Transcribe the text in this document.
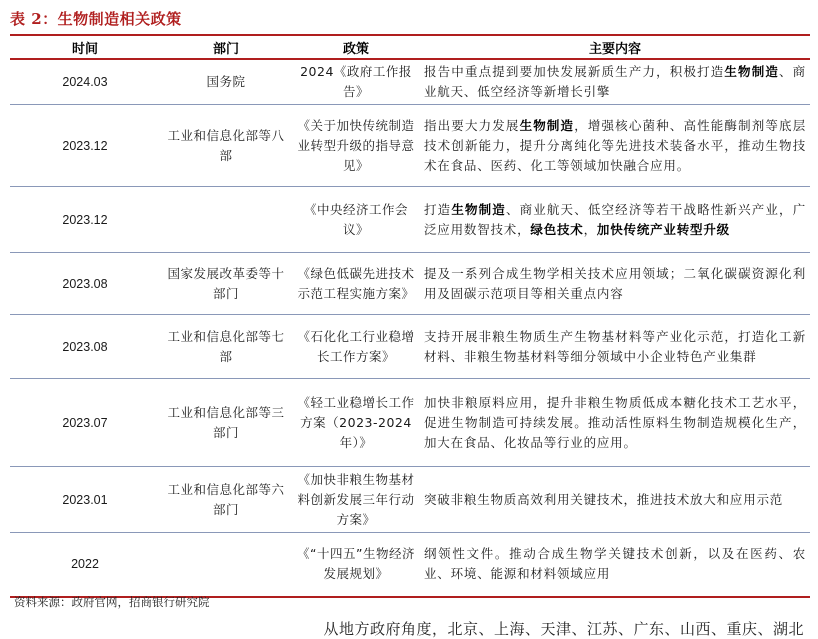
表 2：生物制造相关政策
时间	部门	政策	主要内容
2024.03	国务院	2024《政府工作报告》	报告中重点提到要加快发展新质生产力，积极打造生物制造、商业航天、低空经济等新增长引擎
2023.12	工业和信息化部等八部	《关于加快传统制造业转型升级的指导意见》	指出要大力发展生物制造，增强核心菌种、高性能酶制剂等底层技术创新能力，提升分离纯化等先进技术装备水平，推动生物技术在食品、医药、化工等领域加快融合应用。
2023.12		《中央经济工作会议》	打造生物制造、商业航天、低空经济等若干战略性新兴产业，广泛应用数智技术，绿色技术，加快传统产业转型升级
2023.08	国家发展改革委等十部门	《绿色低碳先进技术示范工程实施方案》	提及一系列合成生物学相关技术应用领域；二氧化碳碳资源化利用及固碳示范项目等相关重点内容
2023.08	工业和信息化部等七部	《石化化工行业稳增长工作方案》	支持开展非粮生物质生产生物基材料等产业化示范，打造化工新材料、非粮生物基材料等细分领域中小企业特色产业集群
2023.07	工业和信息化部等三部门	《轻工业稳增长工作方案（2023-2024年）》	加快非粮原料应用，提升非粮生物质低成本糖化技术工艺水平，促进生物制造可持续发展。推动活性原料生物制造规模化生产，加大在食品、化妆品等行业的应用。
2023.01	工业和信息化部等六部门	《加快非粮生物基材料创新发展三年行动方案》	突破非粮生物质高效利用关键技术，推进技术放大和应用示范
2022		《“十四五”生物经济发展规划》	纲领性文件。推动合成生物学关键技术创新，以及在医药、农业、环境、能源和材料领域应用
资料来源：政府官网，招商银行研究院
从地方政府角度，北京、上海、天津、江苏、广东、山西、重庆、湖北
